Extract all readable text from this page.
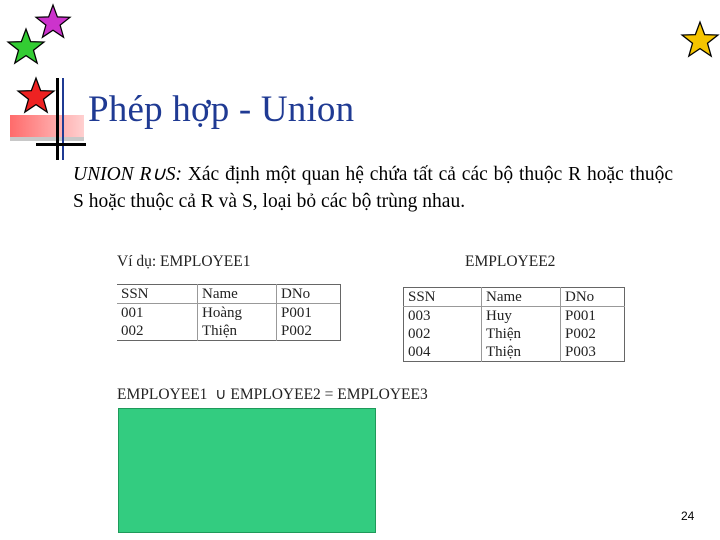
Phép hợp - Union
UNION R∪S: Xác định một quan hệ chứa tất cả các bộ thuộc R hoặc thuộc S hoặc thuộc cả R và S, loại bỏ các bộ trùng nhau.
Ví dụ: EMPLOYEE1	EMPLOYEE2
SSN	Name	DNo
001	Hoàng	P001
002	Thiện	P002
SSN	Name	DNo
003	Huy	P001
002	Thiện	P002
004	Thiện	P003
EMPLOYEE1  ∪ EMPLOYEE2 = EMPLOYEE3
24
